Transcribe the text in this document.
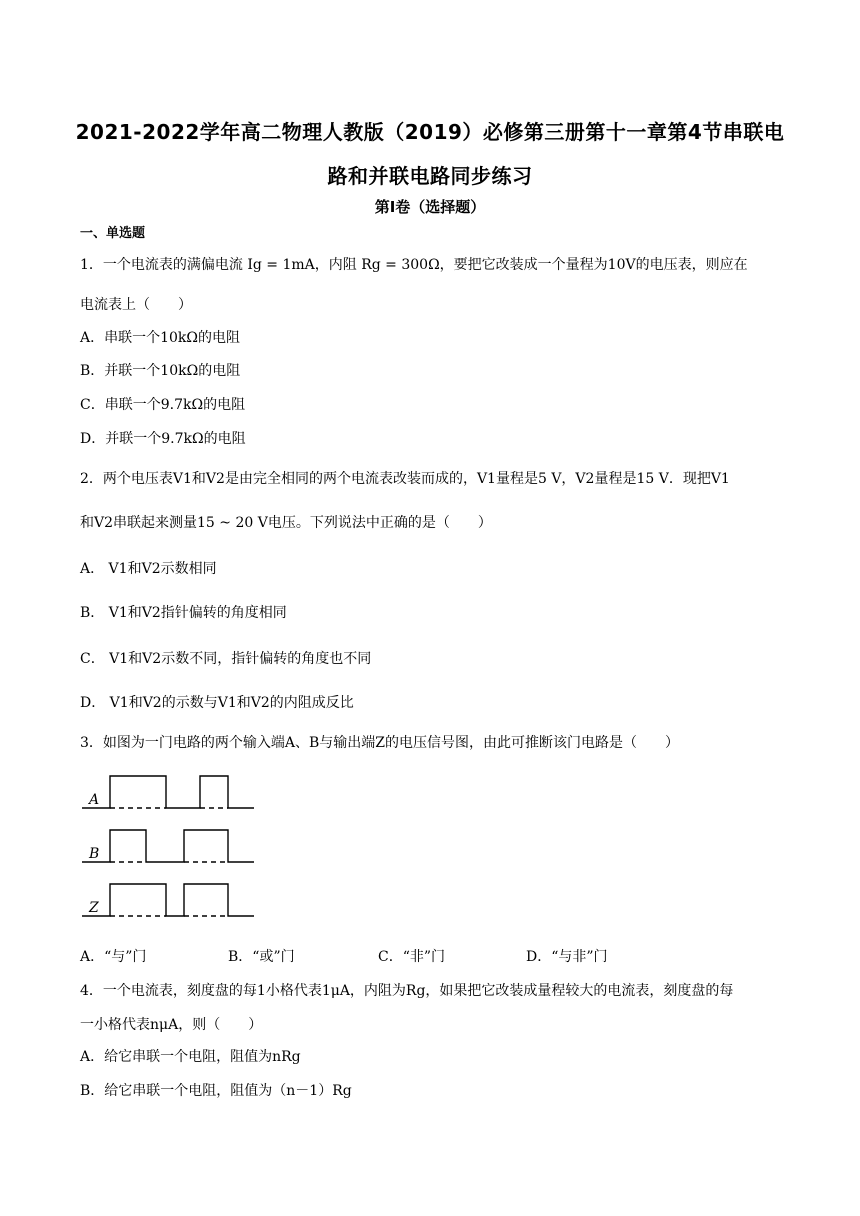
2021-2022学年高二物理人教版（2019）必修第三册第十一章第4节串联电
路和并联电路同步练习
第Ⅰ卷（选择题）
一、单选题
1．一个电流表的满偏电流 Ig = 1mA，内阻 Rg = 300Ω，要把它改装成一个量程为10V的电压表，则应在
电流表上（　　）
A．串联一个10kΩ的电阻
B．并联一个10kΩ的电阻
C．串联一个9.7kΩ的电阻
D．并联一个9.7kΩ的电阻
2．两个电压表V1和V2是由完全相同的两个电流表改装而成的，V1量程是5 V，V2量程是15 V．现把V1
和V2串联起来测量15 ~ 20 V电压。下列说法中正确的是（　　）
A． V1和V2示数相同
B． V1和V2指针偏转的角度相同
C． V1和V2示数不同，指针偏转的角度也不同
D． V1和V2的示数与V1和V2的内阻成反比
3．如图为一门电路的两个输入端A、B与输出端Z的电压信号图，由此可推断该门电路是（　　）
A
B
Z
A．“与”门	B．“或”门	C．“非”门	D．“与非”门
4．一个电流表，刻度盘的每1小格代表1μA，内阻为Rg，如果把它改装成量程较大的电流表，刻度盘的每
一小格代表nμA，则（　　）
A．给它串联一个电阻，阻值为nRg
B．给它串联一个电阻，阻值为（n－1）Rg
